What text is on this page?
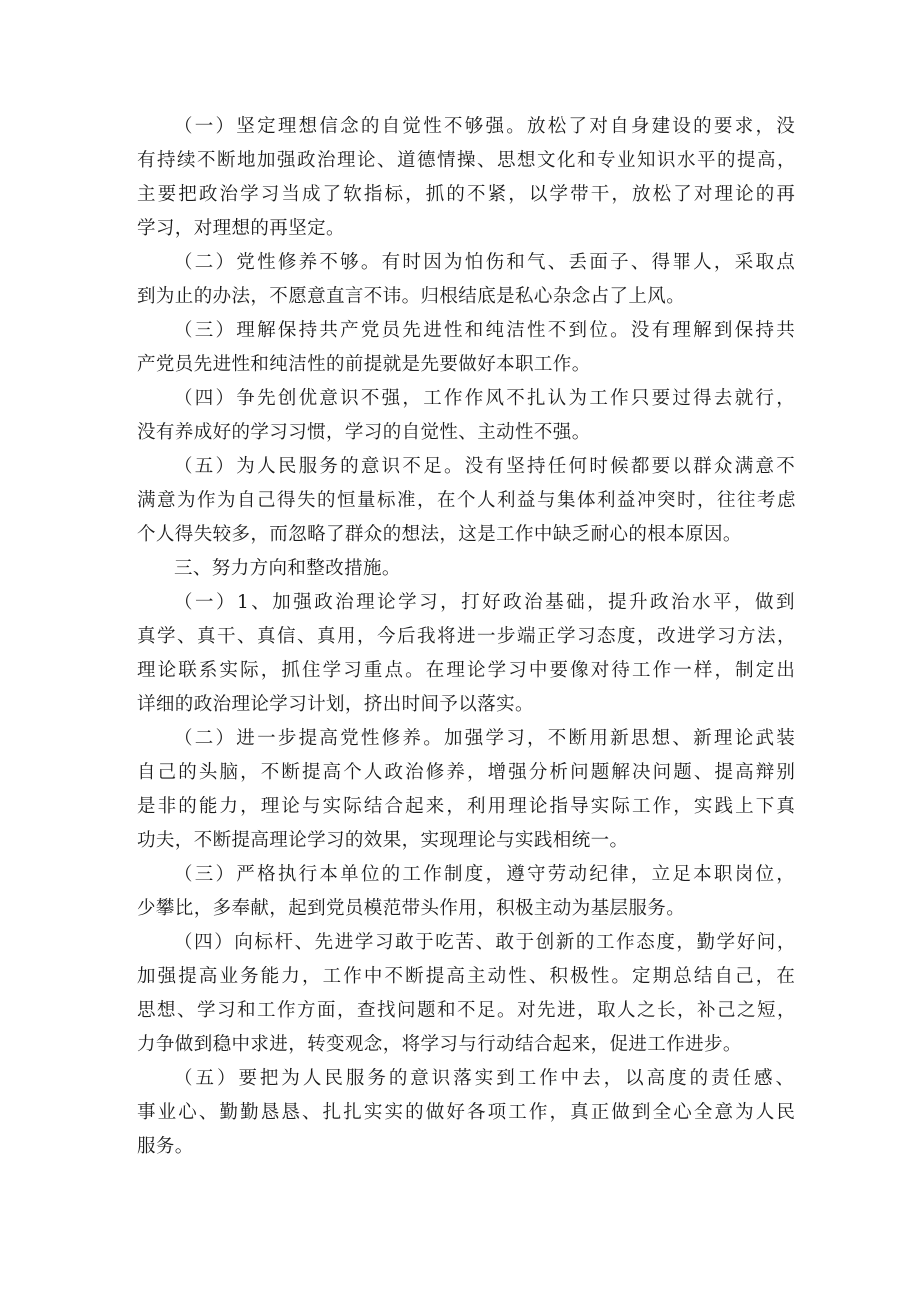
（一）坚定理想信念的自觉性不够强。放松了对自身建设的要求，没
有持续不断地加强政治理论、道德情操、思想文化和专业知识水平的提高，
主要把政治学习当成了软指标，抓的不紧，以学带干，放松了对理论的再
学习，对理想的再坚定。
（二）党性修养不够。有时因为怕伤和气、丢面子、得罪人，采取点
到为止的办法，不愿意直言不讳。归根结底是私心杂念占了上风。
（三）理解保持共产党员先进性和纯洁性不到位。没有理解到保持共
产党员先进性和纯洁性的前提就是先要做好本职工作。
（四）争先创优意识不强，工作作风不扎认为工作只要过得去就行，
没有养成好的学习习惯，学习的自觉性、主动性不强。
（五）为人民服务的意识不足。没有坚持任何时候都要以群众满意不
满意为作为自己得失的恒量标准，在个人利益与集体利益冲突时，往往考虑
个人得失较多，而忽略了群众的想法，这是工作中缺乏耐心的根本原因。
三、努力方向和整改措施。
（一）1、加强政治理论学习，打好政治基础，提升政治水平，做到
真学、真干、真信、真用，今后我将进一步端正学习态度，改进学习方法，
理论联系实际，抓住学习重点。在理论学习中要像对待工作一样，制定出
详细的政治理论学习计划，挤出时间予以落实。
（二）进一步提高党性修养。加强学习，不断用新思想、新理论武装
自己的头脑，不断提高个人政治修养，增强分析问题解决问题、提高辩别
是非的能力，理论与实际结合起来，利用理论指导实际工作，实践上下真
功夫，不断提高理论学习的效果，实现理论与实践相统一。
（三）严格执行本单位的工作制度，遵守劳动纪律，立足本职岗位，
少攀比，多奉献，起到党员模范带头作用，积极主动为基层服务。
（四）向标杆、先进学习敢于吃苦、敢于创新的工作态度，勤学好问，
加强提高业务能力，工作中不断提高主动性、积极性。定期总结自己，在
思想、学习和工作方面，查找问题和不足。对先进，取人之长，补己之短，
力争做到稳中求进，转变观念，将学习与行动结合起来，促进工作进步。
（五）要把为人民服务的意识落实到工作中去，以高度的责任感、
事业心、勤勤恳恳、扎扎实实的做好各项工作，真正做到全心全意为人民
服务。
